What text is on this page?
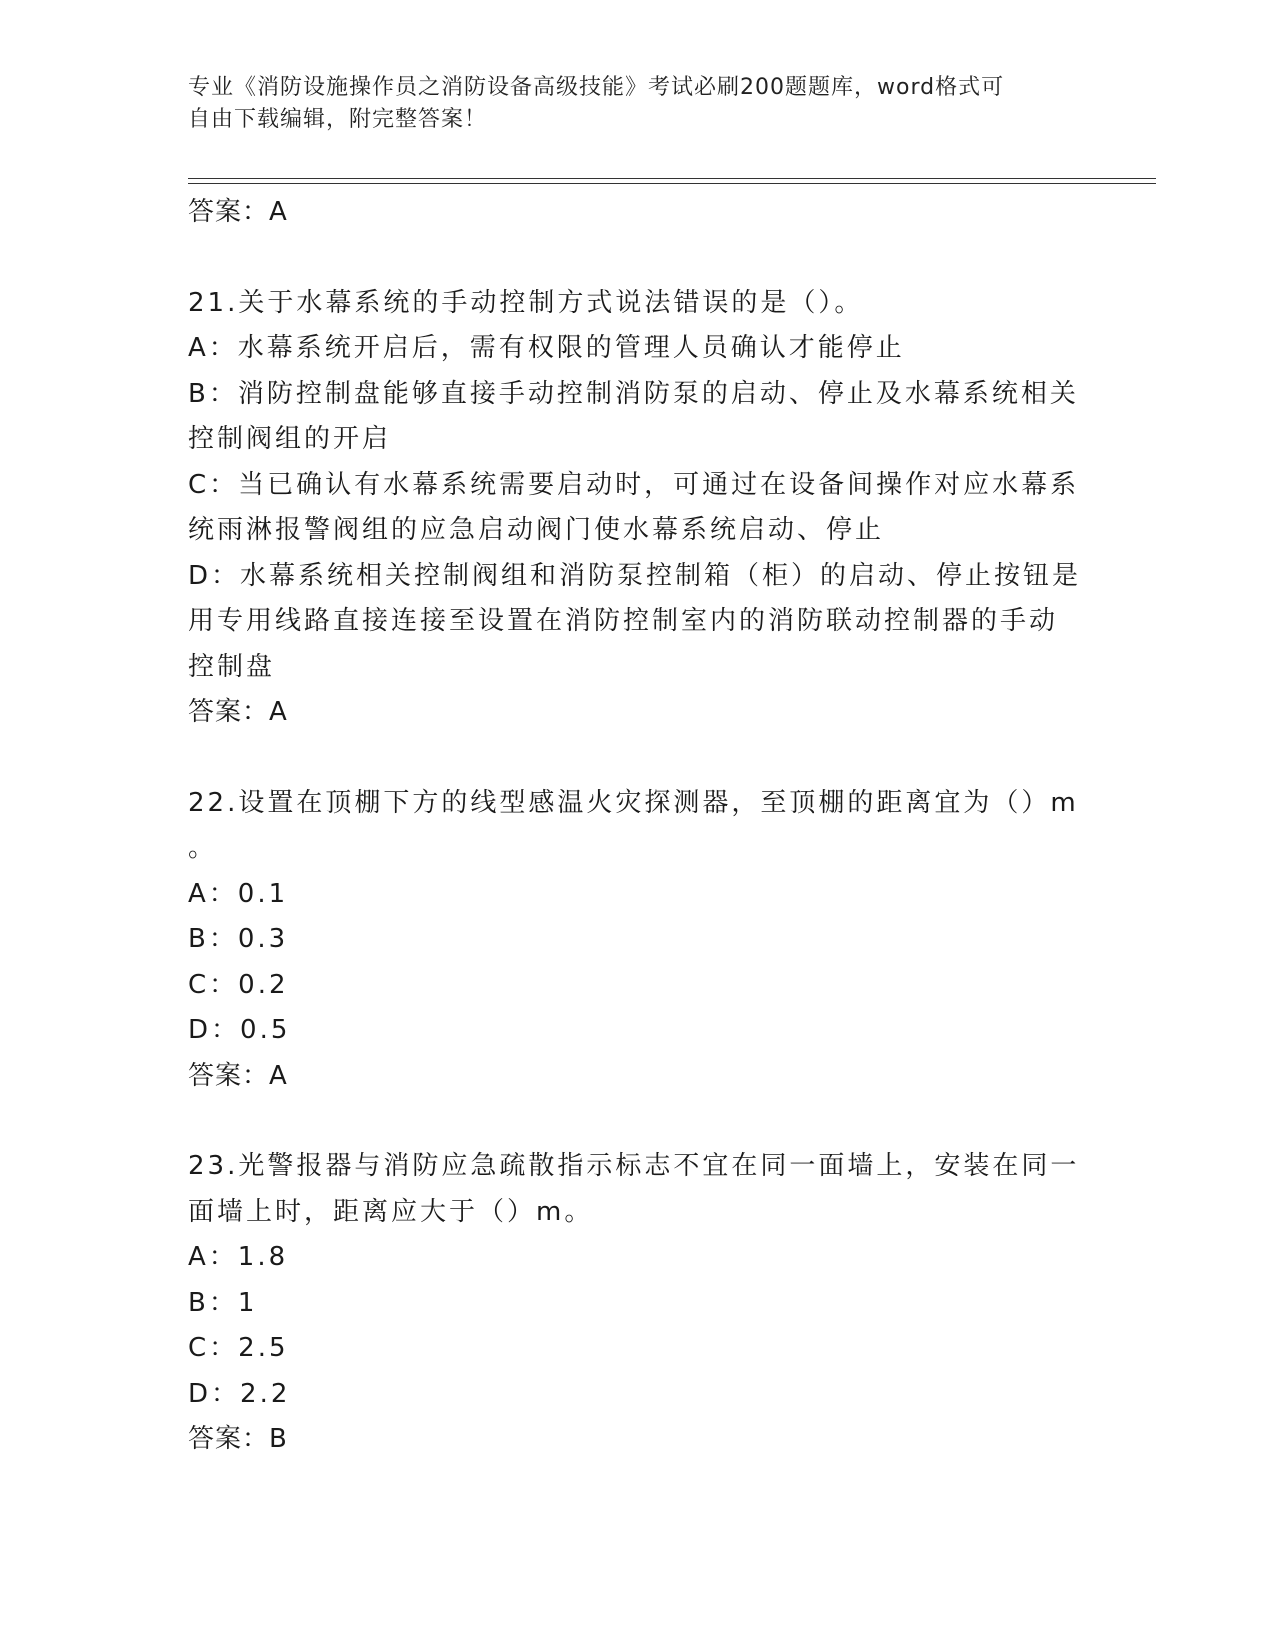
专业《消防设施操作员之消防设备高级技能》考试必刷200题题库，word格式可
自由下载编辑，附完整答案！
答案：A
21.关于水幕系统的手动控制方式说法错误的是（）。
A：水幕系统开启后，需有权限的管理人员确认才能停止
B：消防控制盘能够直接手动控制消防泵的启动、停止及水幕系统相关
控制阀组的开启
C：当已确认有水幕系统需要启动时，可通过在设备间操作对应水幕系
统雨淋报警阀组的应急启动阀门使水幕系统启动、停止
D：水幕系统相关控制阀组和消防泵控制箱（柜）的启动、停止按钮是
用专用线路直接连接至设置在消防控制室内的消防联动控制器的手动
控制盘
答案：A
22.设置在顶棚下方的线型感温火灾探测器，至顶棚的距离宜为（）m
。
A：0.1
B：0.3
C：0.2
D：0.5
答案：A
23.光警报器与消防应急疏散指示标志不宜在同一面墙上，安装在同一
面墙上时，距离应大于（）m。
A：1.8
B：1
C：2.5
D：2.2
答案：B
